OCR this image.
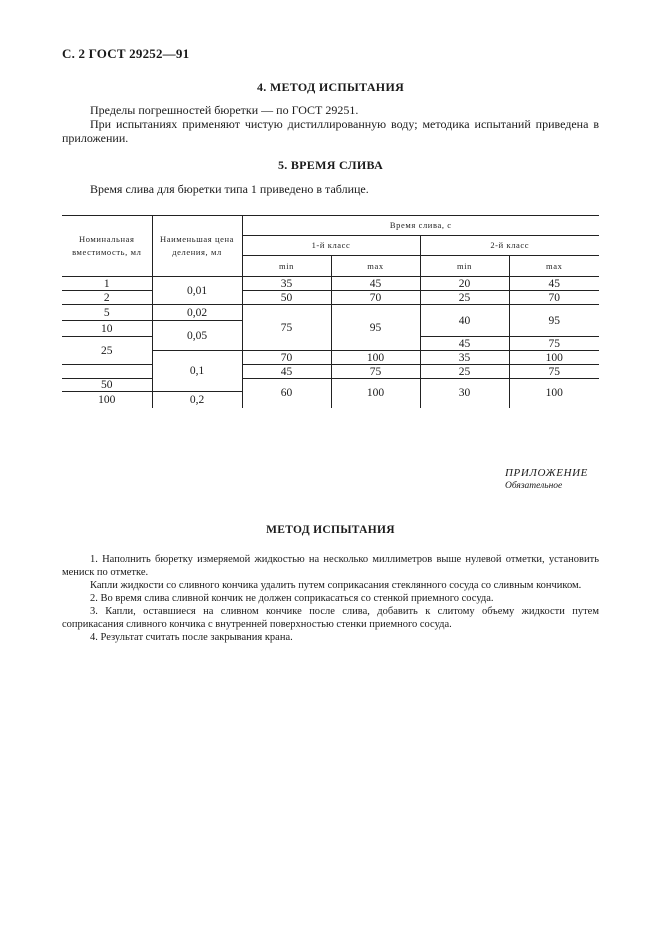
С. 2 ГОСТ 29252—91
4. МЕТОД ИСПЫТАНИЯ
Пределы погрешностей бюретки — по ГОСТ 29251.
При испытаниях применяют чистую дистиллированную воду; методика испытаний приведена в приложении.
5. ВРЕМЯ СЛИВА
Время слива для бюретки типа 1 приведено в таблице.
Номинальная вместимость, мл	Наименьшая цена деления, мл	Время слива, с			
		1-й класс		2-й класс	
		min	max	min	max
1	0,01	35	45	20	45
2		50	70	25	70
5	0,02	75	95	40	95
10	0,05				
25				45	75
	0,1	70	100	35	100
		45	75	25	75
50		60	100	30	100
100	0,2				
ПРИЛОЖЕНИЕ
Обязательное
МЕТОД ИСПЫТАНИЯ

1. Наполнить бюретку измеряемой жидкостью на несколько миллиметров выше нулевой отметки, установить мениск по отметке.

Капли жидкости со сливного кончика удалить путем соприкасания стеклянного сосуда со сливным кончиком.

2. Во время слива сливной кончик не должен соприкасаться со стенкой приемного сосуда.

3. Капли, оставшиеся на сливном кончике после слива, добавить к слитому объему жидкости путем соприкасания сливного кончика с внутренней поверхностью стенки приемного сосуда.

4. Результат считать после закрывания крана.
